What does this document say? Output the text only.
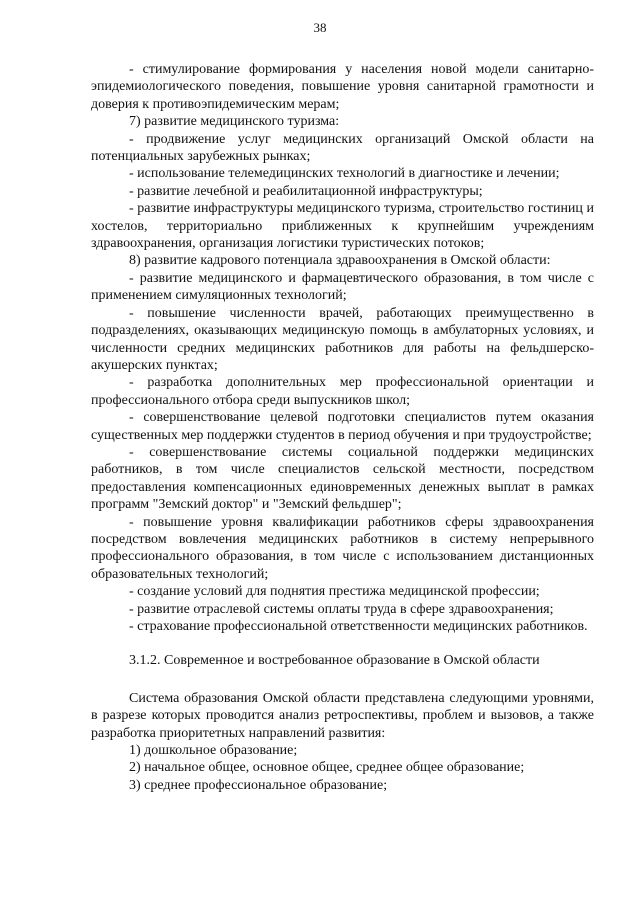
38

- стимулирование формирования у населения новой модели санитарно-эпидемиологического поведения, повышение уровня санитарной грамотности и доверия к противоэпидемическим мерам;

7) развитие медицинского туризма:

- продвижение услуг медицинских организаций Омской области на потенциальных зарубежных рынках;

- использование телемедицинских технологий в диагностике и лечении;

- развитие лечебной и реабилитационной инфраструктуры;

- развитие инфраструктуры медицинского туризма, строительство гостиниц и хостелов, территориально приближенных к крупнейшим учреждениям здравоохранения, организация логистики туристических потоков;

8) развитие кадрового потенциала здравоохранения в Омской области:

- развитие медицинского и фармацевтического образования, в том числе с применением симуляционных технологий;

- повышение численности врачей, работающих преимущественно в подразделениях, оказывающих медицинскую помощь в амбулаторных условиях, и численности средних медицинских работников для работы на фельдшерско-акушерских пунктах;

- разработка дополнительных мер профессиональной ориентации и профессионального отбора среди выпускников школ;

- совершенствование целевой подготовки специалистов путем оказания существенных мер поддержки студентов в период обучения и при трудоустройстве;

- совершенствование системы социальной поддержки медицинских работников, в том числе специалистов сельской местности, посредством предоставления компенсационных единовременных денежных выплат в рамках программ "Земский доктор" и "Земский фельдшер";

- повышение уровня квалификации работников сферы здравоохранения посредством вовлечения медицинских работников в систему непрерывного профессионального образования, в том числе с использованием дистанционных образовательных технологий;

- создание условий для поднятия престижа медицинской профессии;

- развитие отраслевой системы оплаты труда в сфере здравоохранения;

- страхование профессиональной ответственности медицинских работников.

3.1.2. Современное и востребованное образование в Омской области

Система образования Омской области представлена следующими уровнями, в разрезе которых проводится анализ ретроспективы, проблем и вызовов, а также разработка приоритетных направлений развития:

1) дошкольное образование;

2) начальное общее, основное общее, среднее общее образование;

3) среднее профессиональное образование;
